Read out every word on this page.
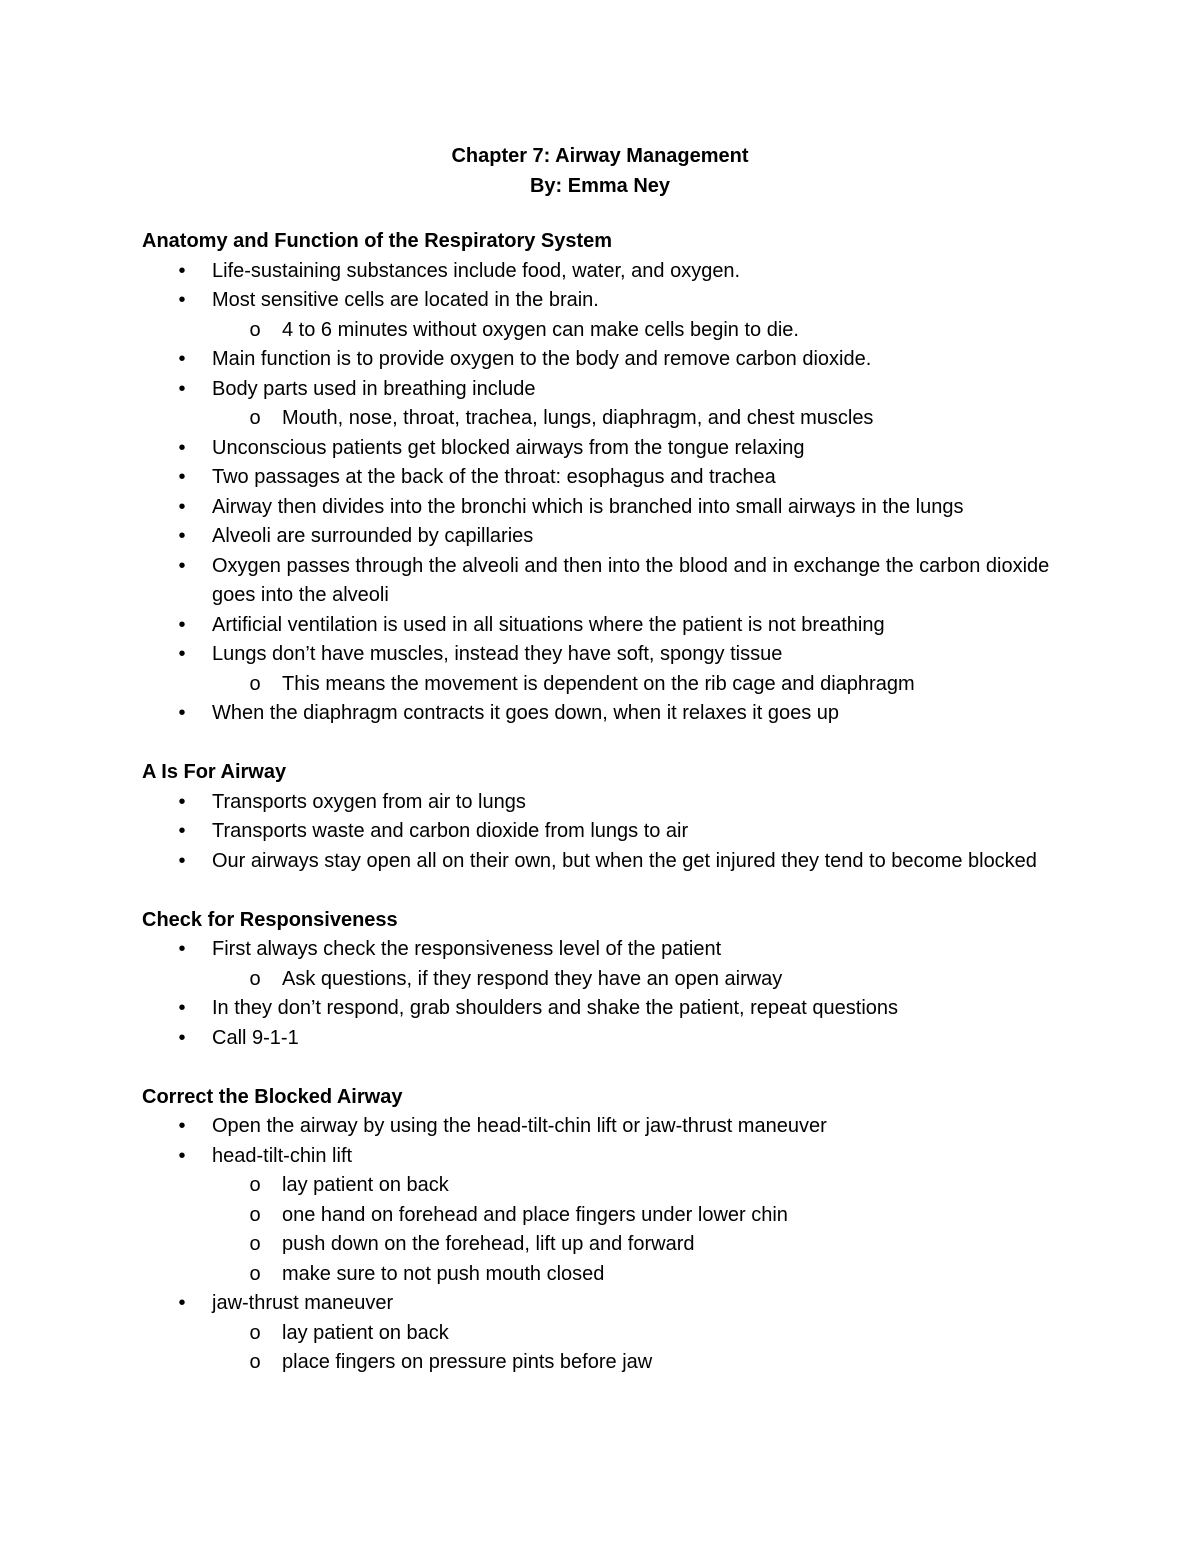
Chapter 7: Airway Management
By: Emma Ney
Anatomy and Function of the Respiratory System
• Life-sustaining substances include food, water, and oxygen.
• Most sensitive cells are located in the brain.
o 4 to 6 minutes without oxygen can make cells begin to die.
• Main function is to provide oxygen to the body and remove carbon dioxide.
• Body parts used in breathing include
o Mouth, nose, throat, trachea, lungs, diaphragm, and chest muscles
• Unconscious patients get blocked airways from the tongue relaxing
• Two passages at the back of the throat: esophagus and trachea
• Airway then divides into the bronchi which is branched into small airways in the lungs
• Alveoli are surrounded by capillaries
• Oxygen passes through the alveoli and then into the blood and in exchange the carbon dioxide goes into the alveoli
• Artificial ventilation is used in all situations where the patient is not breathing
• Lungs don’t have muscles, instead they have soft, spongy tissue
o This means the movement is dependent on the rib cage and diaphragm
• When the diaphragm contracts it goes down, when it relaxes it goes up
A Is For Airway
• Transports oxygen from air to lungs
• Transports waste and carbon dioxide from lungs to air
• Our airways stay open all on their own, but when the get injured they tend to become blocked
Check for Responsiveness
• First always check the responsiveness level of the patient
o Ask questions, if they respond they have an open airway
• In they don’t respond, grab shoulders and shake the patient, repeat questions
• Call 9-1-1
Correct the Blocked Airway
• Open the airway by using the head-tilt-chin lift or jaw-thrust maneuver
• head-tilt-chin lift
o lay patient on back
o one hand on forehead and place fingers under lower chin
o push down on the forehead, lift up and forward
o make sure to not push mouth closed
• jaw-thrust maneuver
o lay patient on back
o place fingers on pressure pints before jaw
